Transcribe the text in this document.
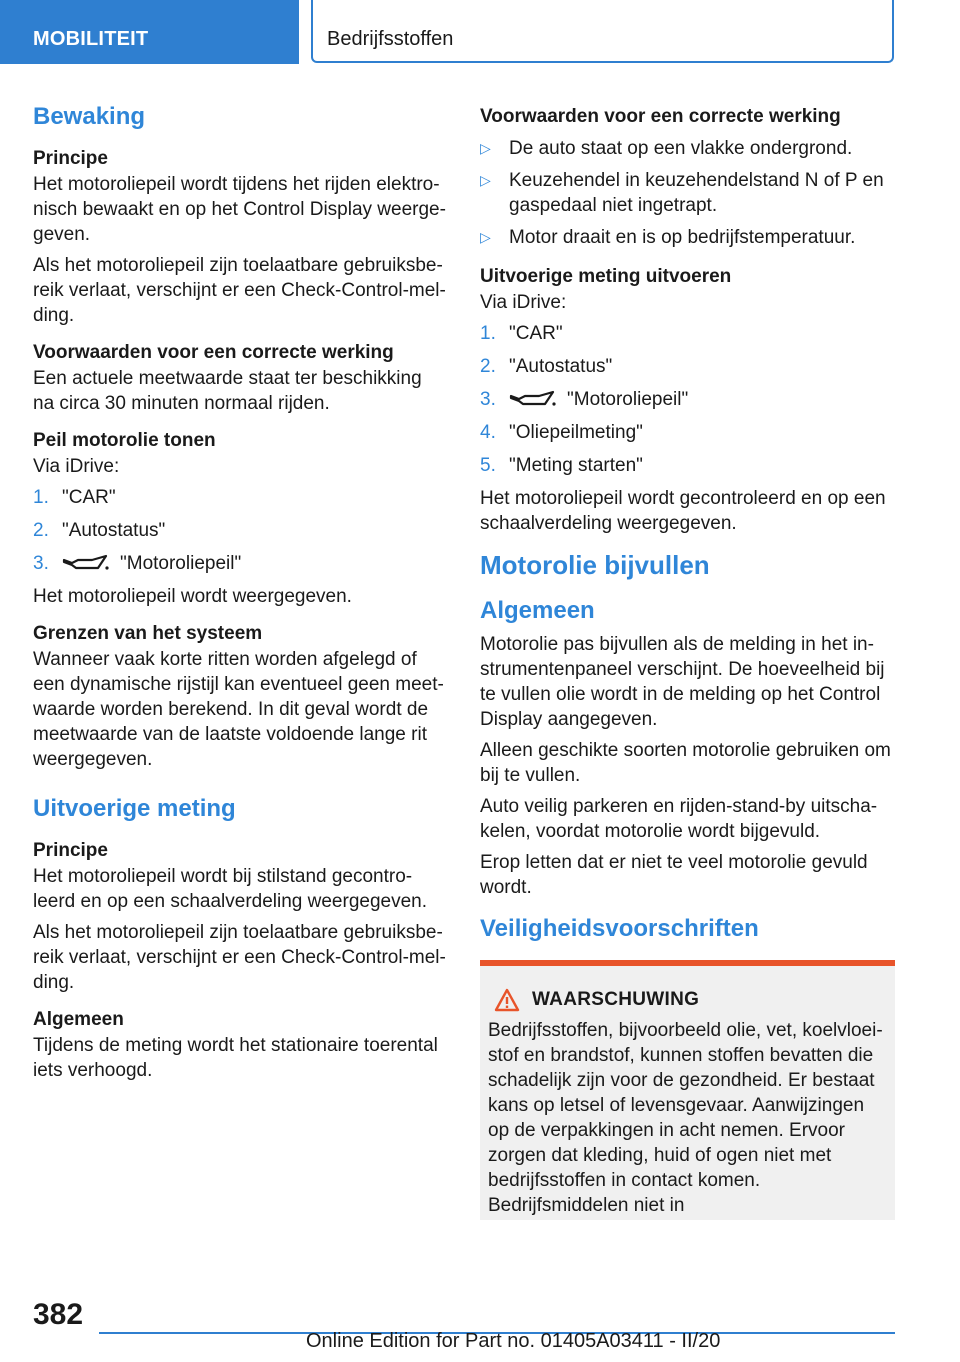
MOBILITEIT	Bedrijfsstoffen
Bewaking
Principe

Het motoroliepeil wordt tijdens het rijden elektronisch bewaakt en op het Control Display weergegeven.

Als het motoroliepeil zijn toelaatbare gebruiksbereik verlaat, verschijnt er een Check-Control-melding.

Voorwaarden voor een correcte werking

Een actuele meetwaarde staat ter beschikking na circa 30 minuten normaal rijden.

Peil motorolie tonen

Via iDrive:

1. "CAR"
2. "Autostatus"
3.	"Motoroliepeil"

Het motoroliepeil wordt weergegeven.

Grenzen van het systeem

Wanneer vaak korte ritten worden afgelegd of een dynamische rijstijl kan eventueel geen meetwaarde worden berekend. In dit geval wordt de meetwaarde van de laatste voldoende lange rit weergegeven.

Uitvoerige meting
Principe

Het motoroliepeil wordt bij stilstand gecontroleerd en op een schaalverdeling weergegeven.

Als het motoroliepeil zijn toelaatbare gebruiksbereik verlaat, verschijnt er een Check-Control-melding.

Algemeen

Tijdens de meting wordt het stationaire toerental iets verhoogd.

Voorwaarden voor een correcte werking
▷ De auto staat op een vlakke ondergrond.
▷ Keuzehendel in keuzehendelstand N of P en gaspedaal niet ingetrapt.
▷ Motor draait en is op bedrijfstemperatuur.
Uitvoerige meting uitvoeren

Via iDrive:

1. "CAR"
2. "Autostatus"
3.	"Motoroliepeil"
4. "Oliepeilmeting"
5. "Meting starten"

Het motoroliepeil wordt gecontroleerd en op een schaalverdeling weergegeven.

Motorolie bijvullen
Algemeen

Motorolie pas bijvullen als de melding in het instrumentenpaneel verschijnt. De hoeveelheid bij te vullen olie wordt in de melding op het Control Display aangegeven.

Alleen geschikte soorten motorolie gebruiken om bij te vullen.

Auto veilig parkeren en rijden-stand-by uitschakelen, voordat motorolie wordt bijgevuld.

Erop letten dat er niet te veel motorolie gevuld wordt.

Veiligheidsvoorschriften
WAARSCHUWING

Bedrijfsstoffen, bijvoorbeeld olie, vet, koelvloeistof en brandstof, kunnen stoffen bevatten die schadelijk zijn voor de gezondheid. Er bestaat kans op letsel of levensgevaar. Aanwijzingen op de verpakkingen in acht nemen. Ervoor zorgen dat kleding, huid of ogen niet met bedrijfsstoffen in contact komen. Bedrijfsmiddelen niet in

382
Online Edition for Part no. 01405A03411 - II/20
